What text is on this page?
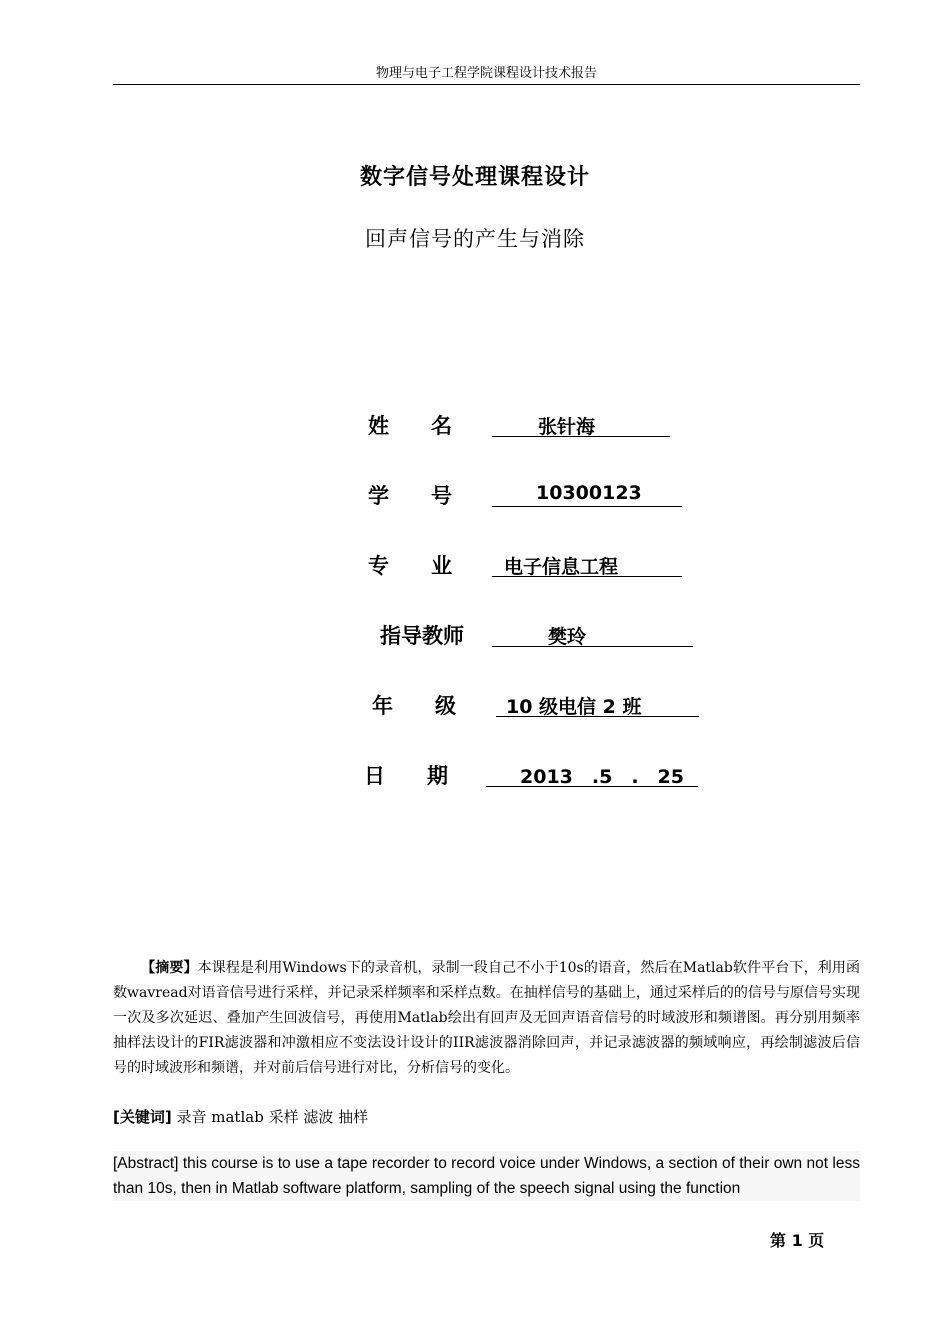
物理与电子工程学院课程设计技术报告
数字信号处理课程设计
回声信号的产生与消除
姓　　名	张针海
学　　号	10300123
专　　业	电子信息工程
指导教师	樊玲
年　　级	10 级电信 2 班
日　　期	2013　.5　.　25
【摘要】本课程是利用Windows下的录音机，录制一段自己不小于10s的语音，然后在Matlab软件平台下，利用函数wavread对语音信号进行采样，并记录采样频率和采样点数。在抽样信号的基础上，通过采样后的的信号与原信号实现一次及多次延迟、叠加产生回波信号，再使用Matlab绘出有回声及无回声语音信号的时域波形和频谱图。再分别用频率抽样法设计的FIR滤波器和冲激相应不变法设计设计的IIR滤波器消除回声，并记录滤波器的频域响应，再绘制滤波后信号的时域波形和频谱，并对前后信号进行对比，分析信号的变化。
[关键词] 录音 matlab 采样 滤波 抽样
[Abstract] this course is to use a tape recorder to record voice under Windows, a section of their own not less than 10s, then in Matlab software platform, sampling of the speech signal using the function
第 1 页
